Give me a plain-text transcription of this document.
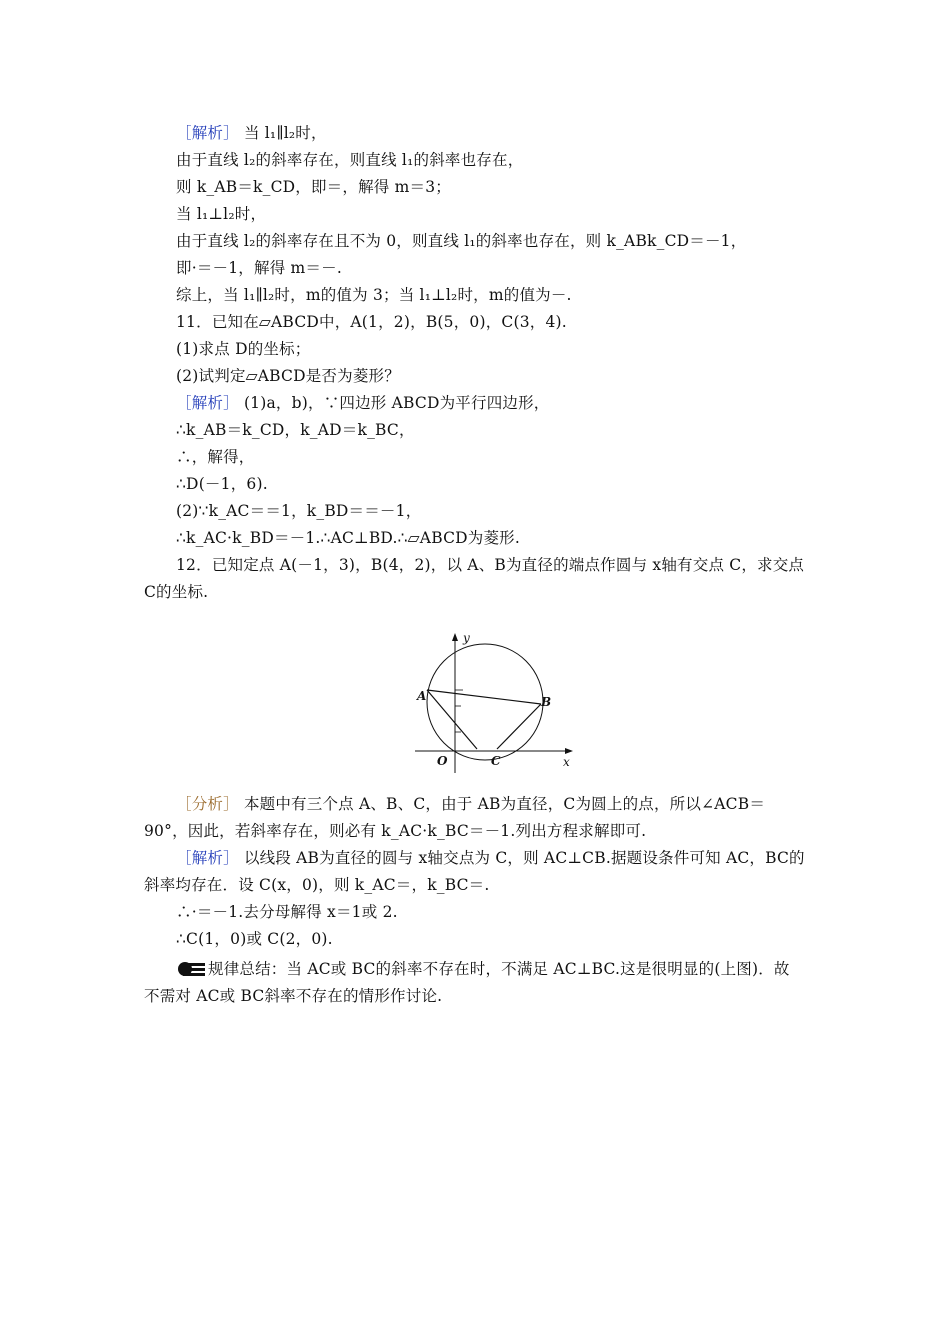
［解析］ 当 l₁∥l₂时，
由于直线 l₂的斜率存在，则直线 l₁的斜率也存在，
则 k_AB＝k_CD，即＝，解得 m＝3；
当 l₁⊥l₂时，
由于直线 l₂的斜率存在且不为 0，则直线 l₁的斜率也存在，则 k_ABk_CD＝－1，
即·＝－1，解得 m＝－.
综上，当 l₁∥l₂时，m的值为 3；当 l₁⊥l₂时，m的值为－.
11．已知在▱ABCD中，A(1，2)，B(5，0)，C(3，4).
(1)求点 D的坐标；
(2)试判定▱ABCD是否为菱形？
［解析］ (1)a，b)，∵四边形 ABCD为平行四边形，
∴k_AB＝k_CD，k_AD＝k_BC，
∴，解得，
∴D(－1，6).
(2)∵k_AC＝＝1，k_BD＝＝－1，
∴k_AC·k_BD＝－1.∴AC⊥BD.∴▱ABCD为菱形.
12．已知定点 A(－1，3)，B(4，2)，以 A、B为直径的端点作圆与 x轴有交点 C，求交点
C的坐标.
y
x
A	B
O	C
［分析］ 本题中有三个点 A、B、C，由于 AB为直径，C为圆上的点，所以∠ACB＝
90°，因此，若斜率存在，则必有 k_AC·k_BC＝－1.列出方程求解即可.
［解析］ 以线段 AB为直径的圆与 x轴交点为 C，则 AC⊥CB.据题设条件可知 AC，BC的
斜率均存在．设 C(x，0)，则 k_AC＝，k_BC＝.
∴·＝－1.去分母解得 x＝1或 2.
∴C(1，0)或 C(2，0).
规律总结：当 AC或 BC的斜率不存在时，不满足 AC⊥BC.这是很明显的(上图)．故
不需对 AC或 BC斜率不存在的情形作讨论.
